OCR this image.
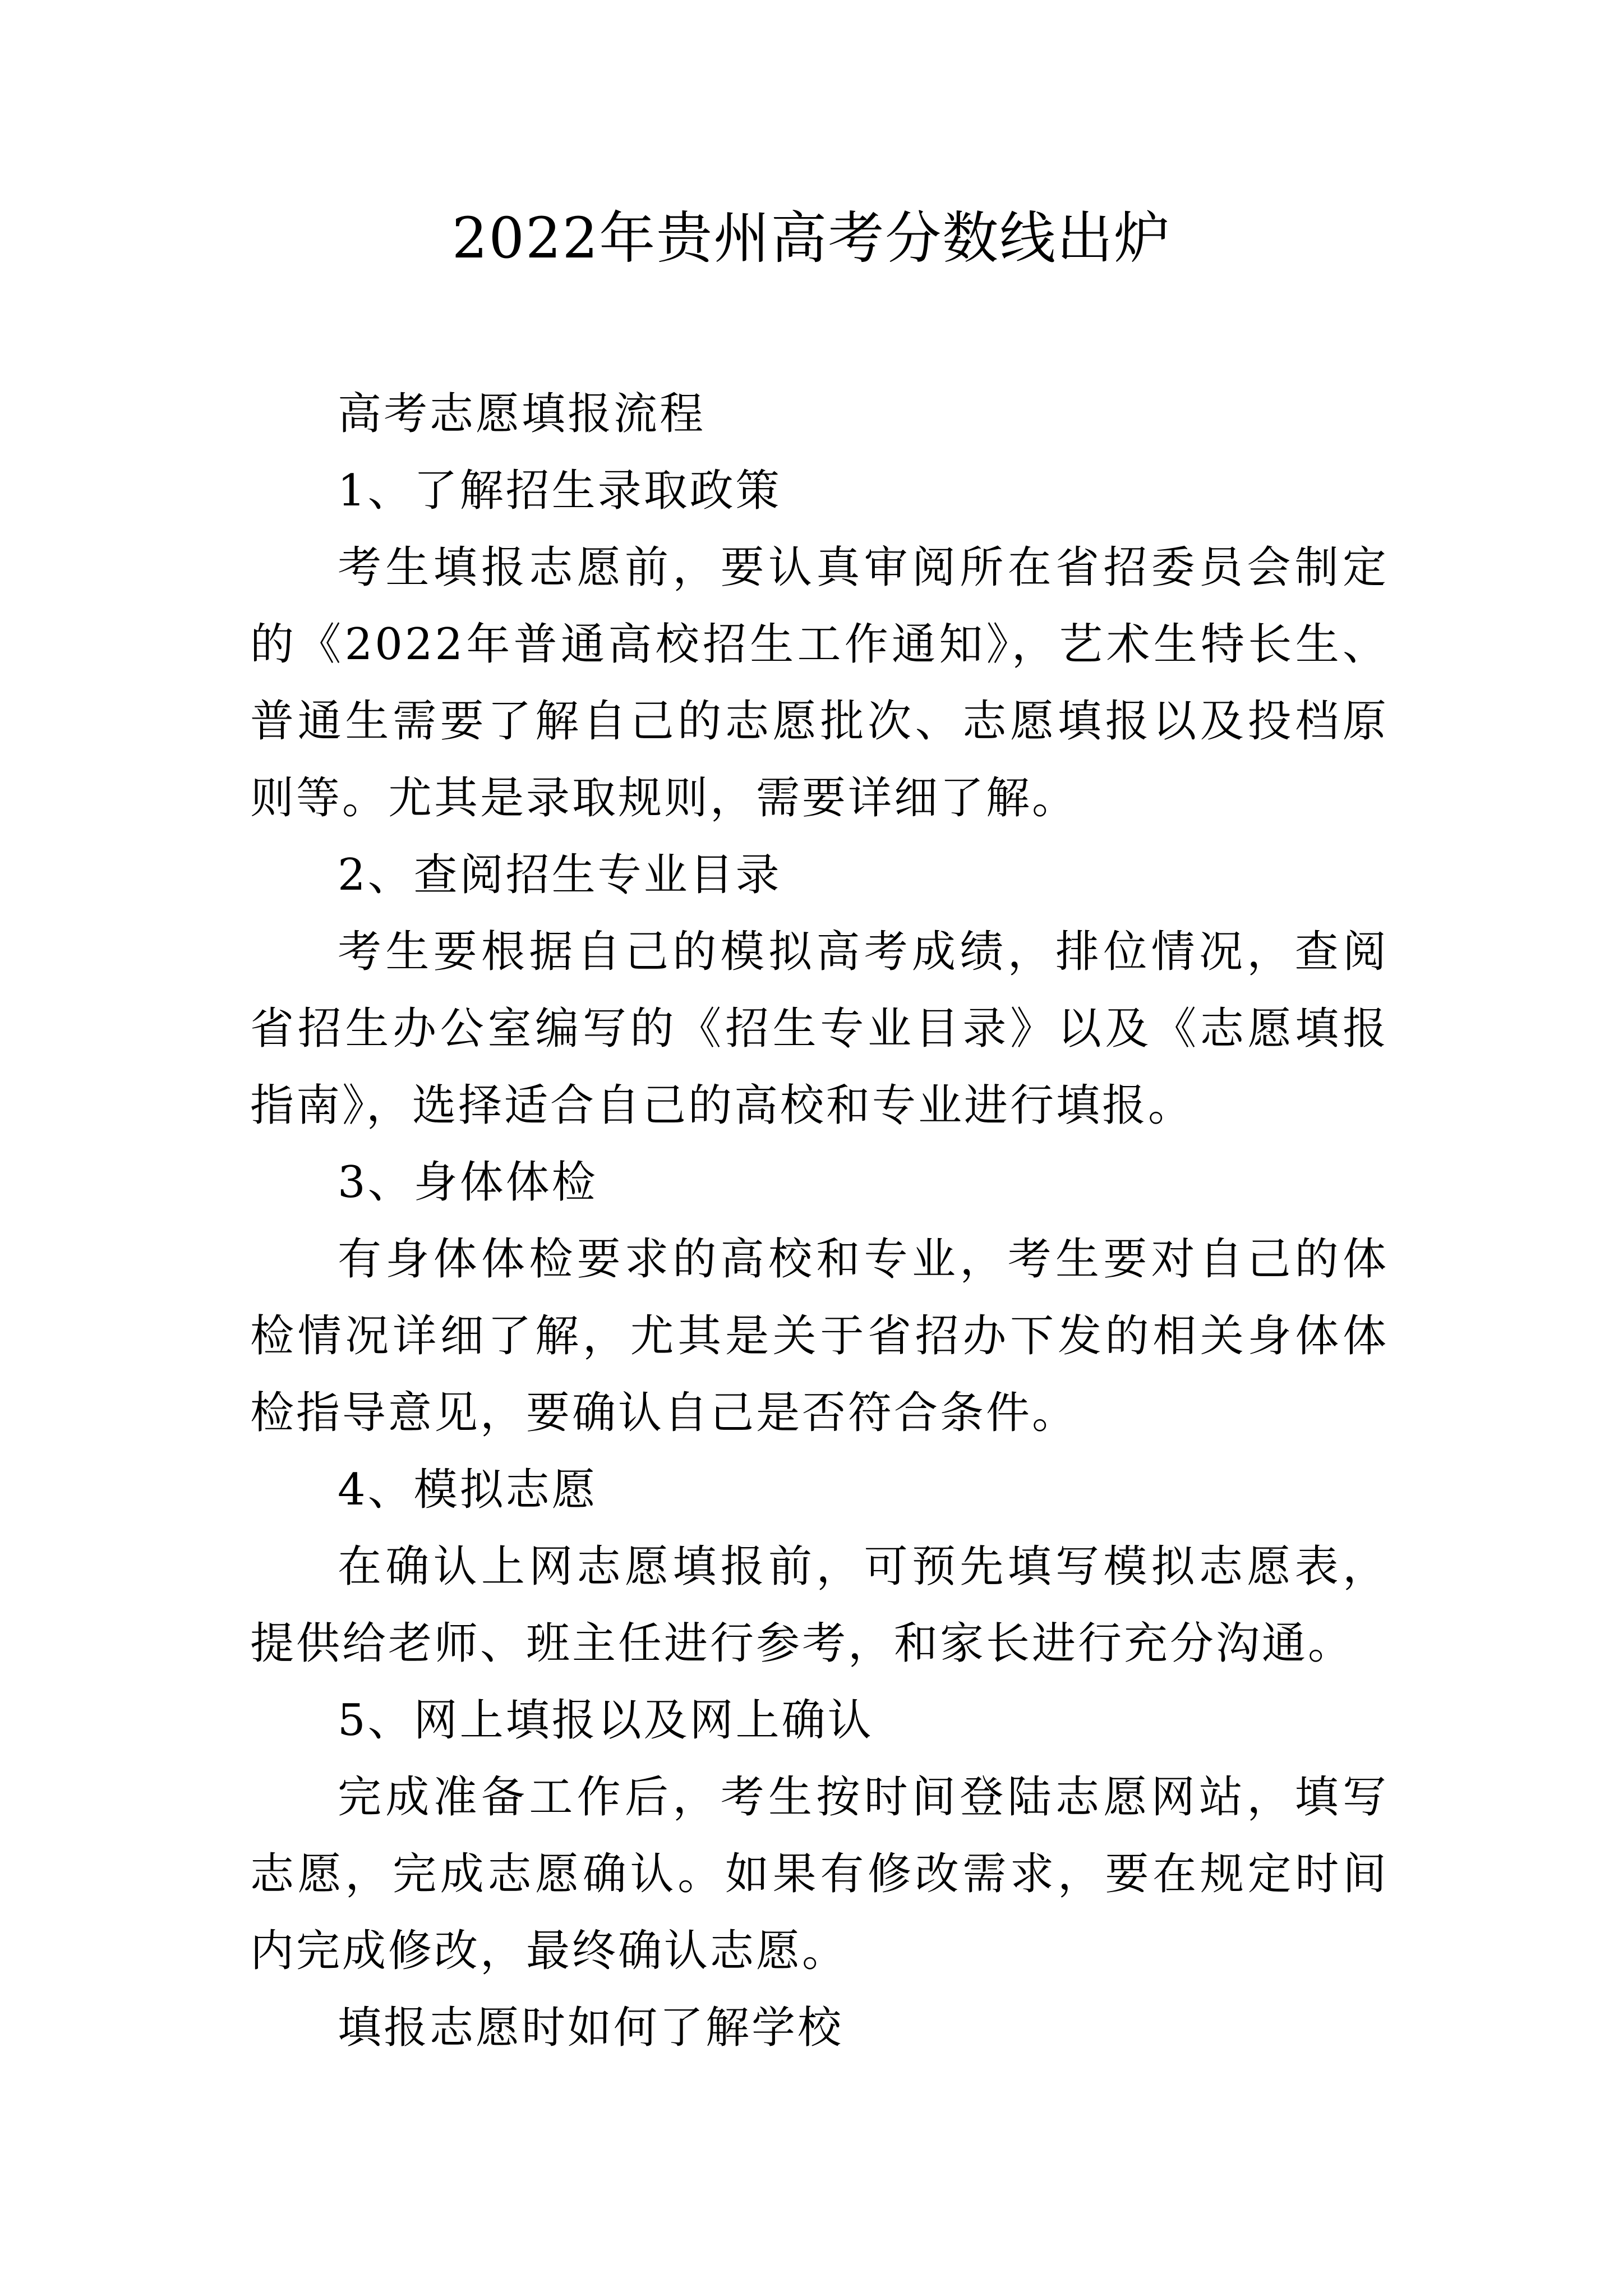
2022年贵州高考分数线出炉

高考志愿填报流程

1、了解招生录取政策

考生填报志愿前，要认真审阅所在省招委员会制定的《2022年普通高校招生工作通知》，艺术生特长生、普通生需要了解自己的志愿批次、志愿填报以及投档原则等。尤其是录取规则，需要详细了解。

2、查阅招生专业目录

考生要根据自己的模拟高考成绩，排位情况，查阅省招生办公室编写的《招生专业目录》以及《志愿填报指南》，选择适合自己的高校和专业进行填报。

3、身体体检

有身体体检要求的高校和专业，考生要对自己的体检情况详细了解，尤其是关于省招办下发的相关身体体检指导意见，要确认自己是否符合条件。

4、模拟志愿

在确认上网志愿填报前，可预先填写模拟志愿表，提供给老师、班主任进行参考，和家长进行充分沟通。

5、网上填报以及网上确认

完成准备工作后，考生按时间登陆志愿网站，填写志愿，完成志愿确认。如果有修改需求，要在规定时间内完成修改，最终确认志愿。

填报志愿时如何了解学校
